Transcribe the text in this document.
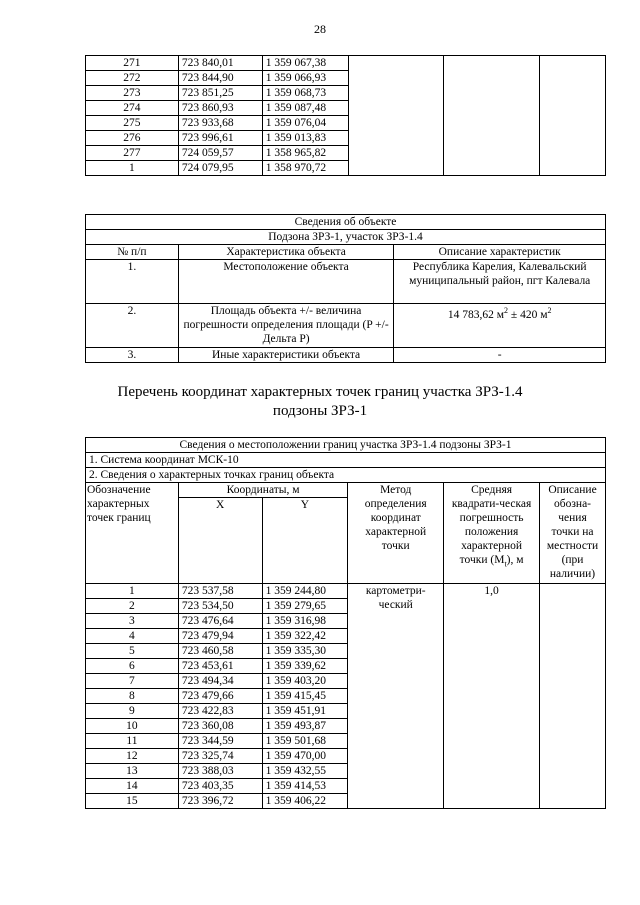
28
271	723 840,01	1 359 067,38			
272	723 844,90	1 359 066,93			
273	723 851,25	1 359 068,73			
274	723 860,93	1 359 087,48			
275	723 933,68	1 359 076,04			
276	723 996,61	1 359 013,83			
277	724 059,57	1 358 965,82			
1	724 079,95	1 358 970,72			
Сведения об объекте		
Подзона ЗРЗ-1, участок ЗРЗ-1.4		
№ п/п	Характеристика объекта	Описание характеристик
1.	Местоположение объекта	Республика Карелия, Калевальский муниципальный район, пгт Калевала
2.	Площадь объекта +/- величина погрешности определения площади (P +/- Дельта P)	14 783,62 $м^2 \pm 420$ $м^2$
3.	Иные характеристики объекта	-
Перечень координат характерных точек границ участка ЗРЗ-1.4
подзоны ЗРЗ-1
Сведения о местоположении границ участка ЗРЗ-1.4 подзоны ЗРЗ-1					
1. Система координат МСК-10					
2. Сведения о характерных точках границ объекта					
Обозначение характерных точек границ	Координаты, м		Метод определения координат характерной точки	Средняя квадрати-ческая погрешность положения характерной точки $(M_t)$, м	Описание обозна-чения точки на местности (при наличии)
	X	Y			
1	723 537,58	1 359 244,80	картометри-ческий	1,0	
2	723 534,50	1 359 279,65			
3	723 476,64	1 359 316,98			
4	723 479,94	1 359 322,42			
5	723 460,58	1 359 335,30			
6	723 453,61	1 359 339,62			
7	723 494,34	1 359 403,20			
8	723 479,66	1 359 415,45			
9	723 422,83	1 359 451,91			
10	723 360,08	1 359 493,87			
11	723 344,59	1 359 501,68			
12	723 325,74	1 359 470,00			
13	723 388,03	1 359 432,55			
14	723 403,35	1 359 414,53			
15	723 396,72	1 359 406,22			
